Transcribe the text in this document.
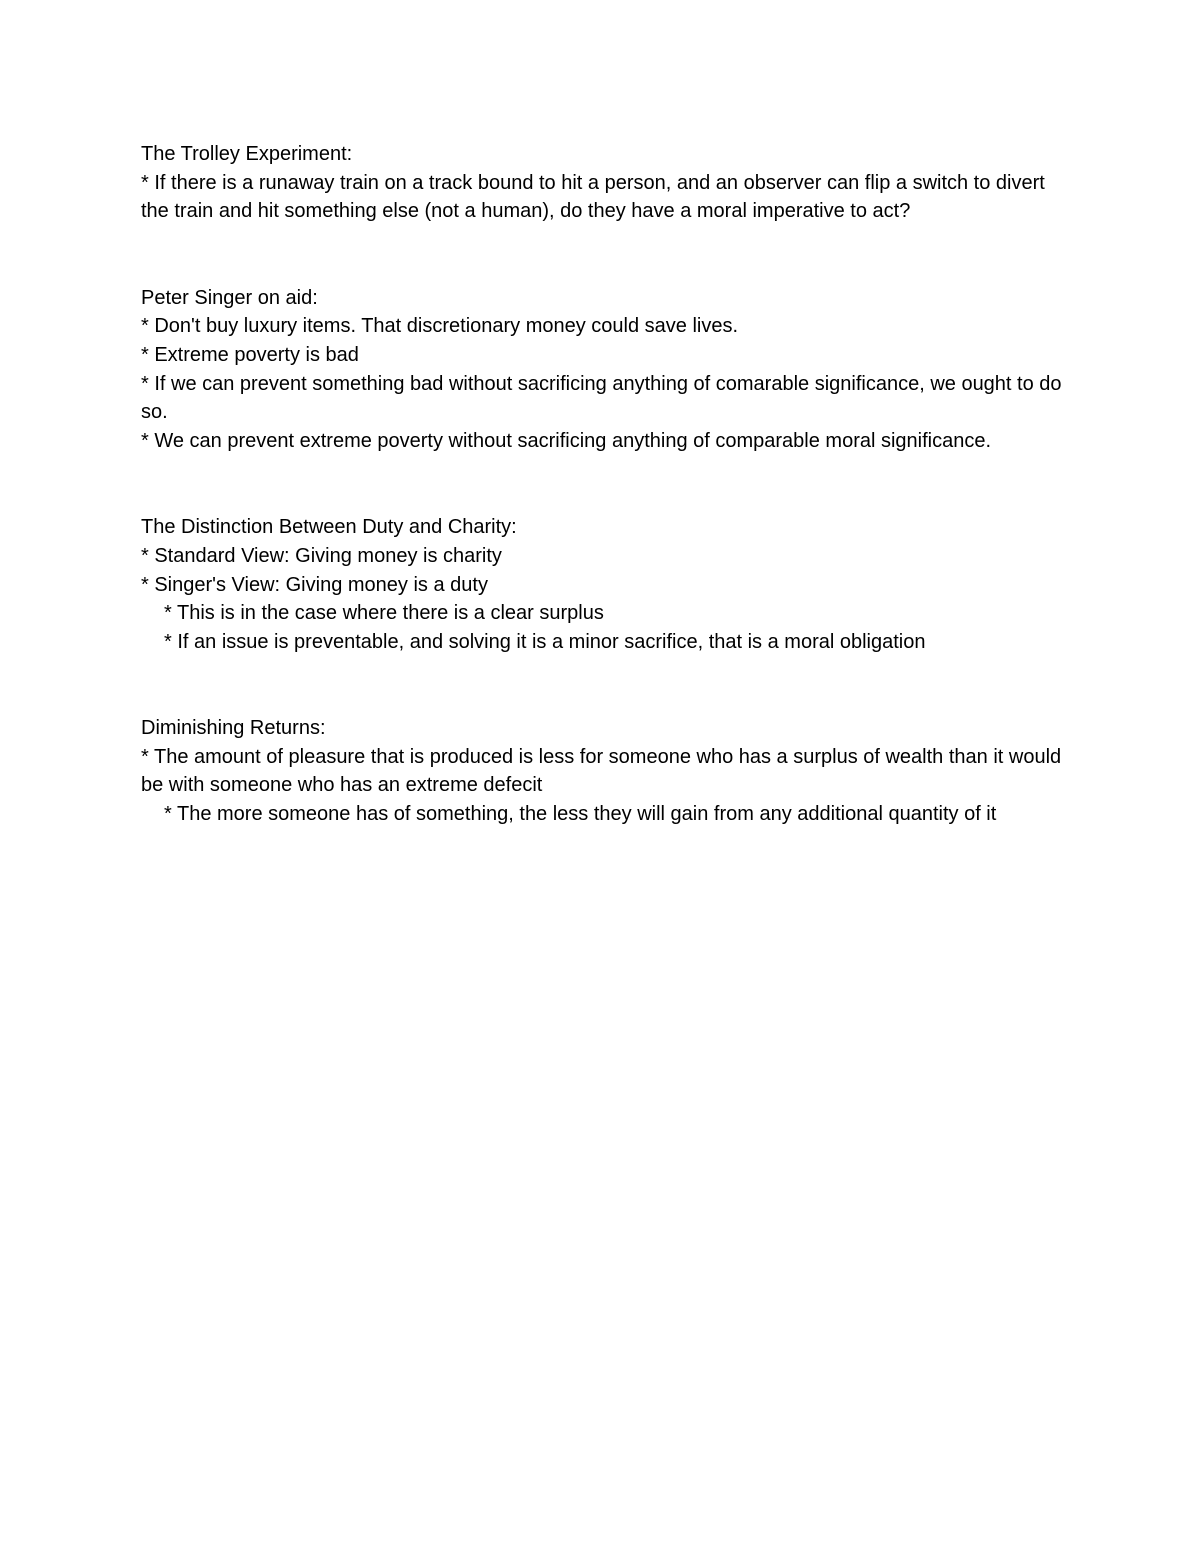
The Trolley Experiment:

* If there is a runaway train on a track bound to hit a person, and an observer can flip a switch to divert the train and hit something else (not a human), do they have a moral imperative to act?

Peter Singer on aid:

* Don't buy luxury items. That discretionary money could save lives.

* Extreme poverty is bad

* If we can prevent something bad without sacrificing anything of comarable significance, we ought to do so.

* We can prevent extreme poverty without sacrificing anything of comparable moral significance.

The Distinction Between Duty and Charity:

* Standard View: Giving money is charity

* Singer's View: Giving money is a duty

* This is in the case where there is a clear surplus

* If an issue is preventable, and solving it is a minor sacrifice, that is a moral obligation

Diminishing Returns:

* The amount of pleasure that is produced is less for someone who has a surplus of wealth than it would be with someone who has an extreme defecit

* The more someone has of something, the less they will gain from any additional quantity of it
